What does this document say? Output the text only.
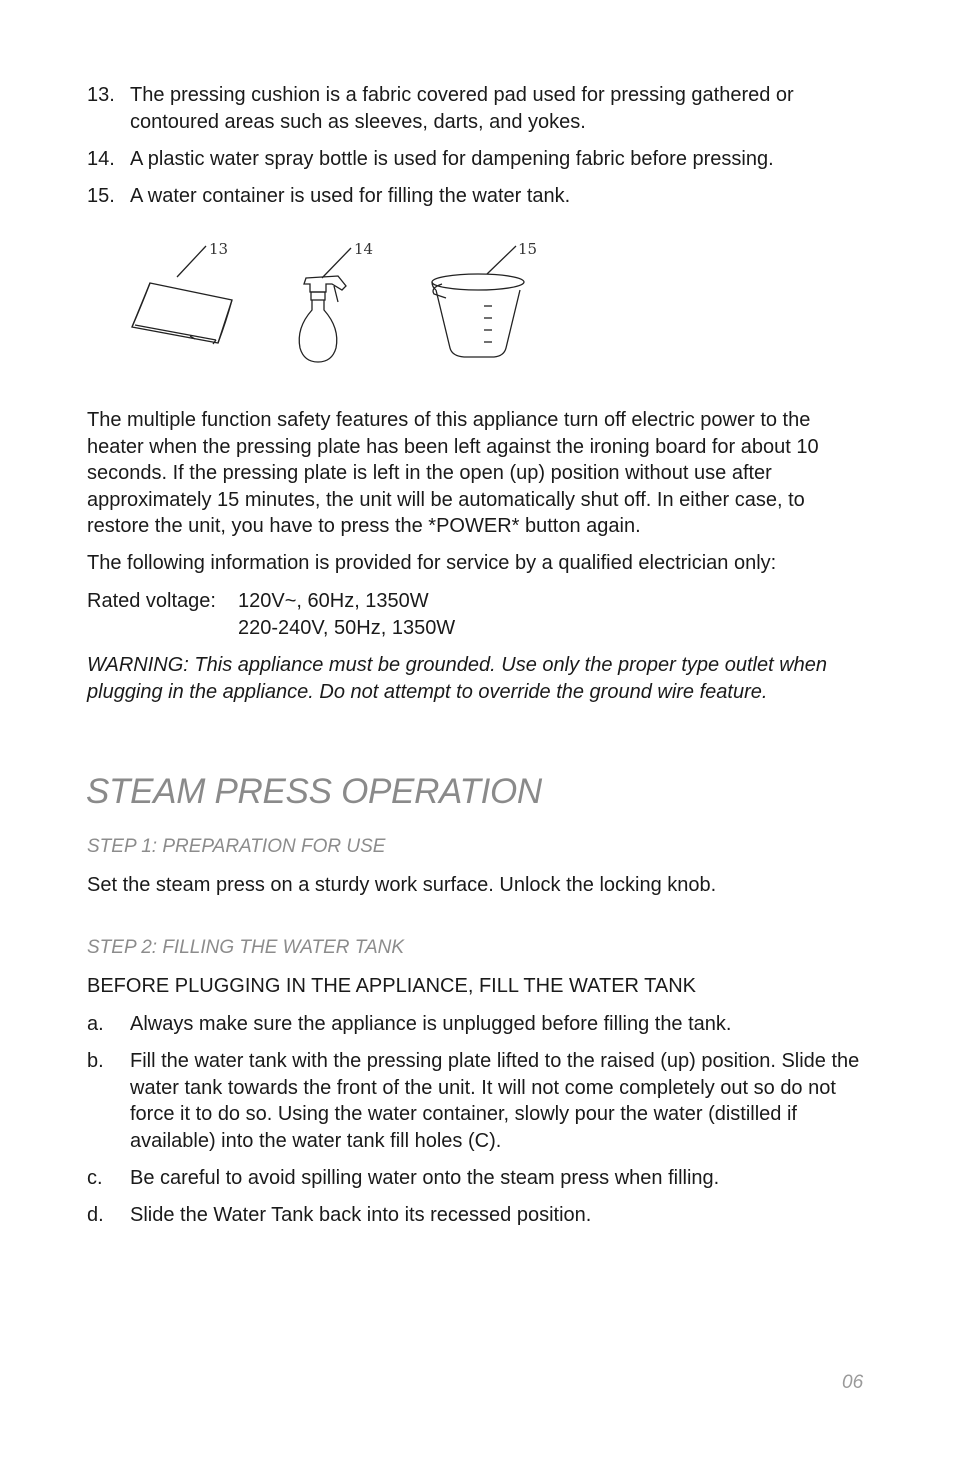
13. The pressing cushion is a fabric covered pad used for pressing gathered or contoured areas such as sleeves, darts, and yokes.
14. A plastic water spray bottle is used for dampening fabric before pressing.
15. A water container is used for filling the water tank.
13	14	15

The multiple function safety features of this appliance turn off electric power to the heater when the pressing plate has been left against the ironing board for about 10 seconds. If the pressing plate is left in the open (up) position without use after approximately 15 minutes, the unit will be automatically shut off. In either case, to restore the unit, you have to press the *POWER* button again.

The following information is provided for service by a qualified electrician only:

Rated voltage: 120V~, 60Hz, 1350W
220-240V, 50Hz, 1350W

WARNING: This appliance must be grounded. Use only the proper type outlet when plugging in the appliance. Do not attempt to override the ground wire feature.

STEAM PRESS OPERATION
STEP 1: PREPARATION FOR USE

Set the steam press on a sturdy work surface. Unlock the locking knob.

STEP 2: FILLING THE WATER TANK

BEFORE PLUGGING IN THE APPLIANCE, FILL THE WATER TANK

a. Always make sure the appliance is unplugged before filling the tank.
b. Fill the water tank with the pressing plate lifted to the raised (up) position. Slide the water tank towards the front of the unit. It will not come completely out so do not force it to do so. Using the water container, slowly pour the water (distilled if available) into the water tank fill holes (C).
c. Be careful to avoid spilling water onto the steam press when filling.
d. Slide the Water Tank back into its recessed position.
06
